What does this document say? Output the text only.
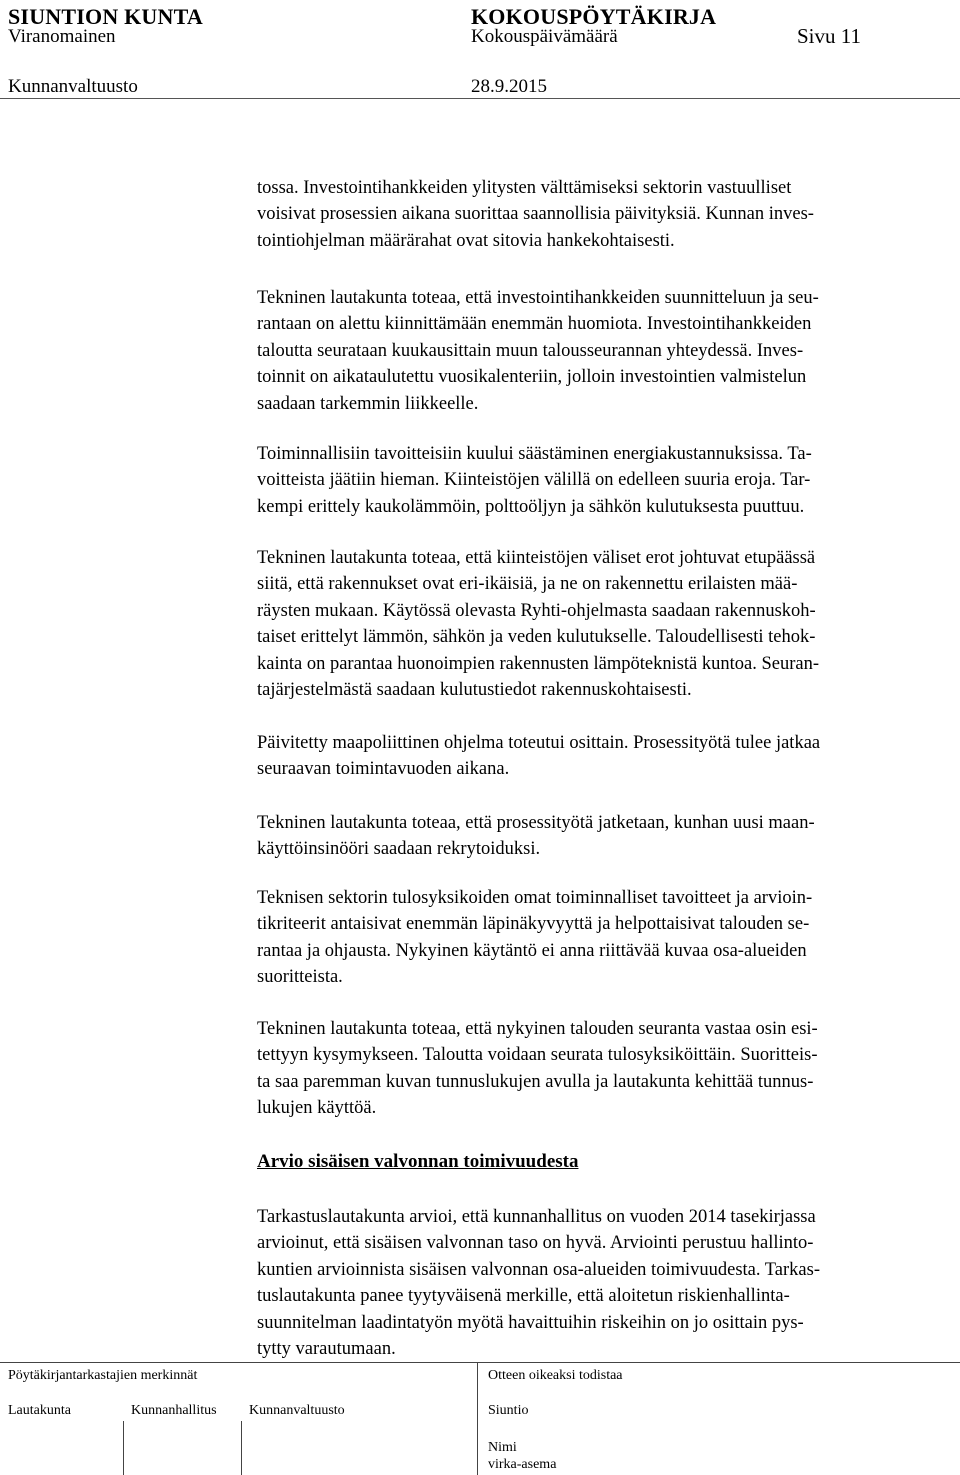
SIUNTION KUNTA	KOKOUSPÖYTÄKIRJA
Viranomainen	Kokouspäivämäärä	Sivu 11
Kunnanvaltuusto	28.9.2015
tossa. Investointihankkeiden ylitysten välttämiseksi sektorin vastuulliset
voisivat prosessien aikana suorittaa saannollisia päivityksiä. Kunnan inves-
tointiohjelman määrärahat ovat sitovia hankekohtaisesti.
Tekninen lautakunta toteaa, että investointihankkeiden suunnitteluun ja seu-
rantaan on alettu kiinnittämään enemmän huomiota. Investointihankkeiden
taloutta seurataan kuukausittain muun talousseurannan yhteydessä. Inves-
toinnit on aikataulutettu vuosikalenteriin, jolloin investointien valmistelun
saadaan tarkemmin liikkeelle.
Toiminnallisiin tavoitteisiin kuului säästäminen energiakustannuksissa. Ta-
voitteista jäätiin hieman. Kiinteistöjen välillä on edelleen suuria eroja. Tar-
kempi erittely kaukolämmöin, polttoöljyn ja sähkön kulutuksesta puuttuu.
Tekninen lautakunta toteaa, että kiinteistöjen väliset erot johtuvat etupäässä
siitä, että rakennukset ovat eri-ikäisiä, ja ne on rakennettu erilaisten mää-
räysten mukaan. Käytössä olevasta Ryhti-ohjelmasta saadaan rakennuskoh-
taiset erittelyt lämmön, sähkön ja veden kulutukselle. Taloudellisesti tehok-
kainta on parantaa huonoimpien rakennusten lämpöteknistä kuntoa. Seuran-
tajärjestelmästä saadaan kulutustiedot rakennuskohtaisesti.
Päivitetty maapoliittinen ohjelma toteutui osittain. Prosessityötä tulee jatkaa
seuraavan toimintavuoden aikana.
Tekninen lautakunta toteaa, että prosessityötä jatketaan, kunhan uusi maan-
käyttöinsinööri saadaan rekrytoiduksi.
Teknisen sektorin tulosyksikoiden omat toiminnalliset tavoitteet ja arvioin-
tikriteerit antaisivat enemmän läpinäkyvyyttä ja helpottaisivat talouden se-
rantaa ja ohjausta. Nykyinen käytäntö ei anna riittävää kuvaa osa-alueiden
suoritteista.
Tekninen lautakunta toteaa, että nykyinen talouden seuranta vastaa osin esi-
tettyyn kysymykseen. Taloutta voidaan seurata tulosyksiköittäin. Suoritteis-
ta saa paremman kuvan tunnuslukujen avulla ja lautakunta kehittää tunnus-
lukujen käyttöä.
Arvio sisäisen valvonnan toimivuudesta
Tarkastuslautakunta arvioi, että kunnanhallitus on vuoden 2014 tasekirjassa
arvioinut, että sisäisen valvonnan taso on hyvä. Arviointi perustuu hallinto-
kuntien arvioinnista sisäisen valvonnan osa-alueiden toimivuudesta. Tarkas-
tuslautakunta panee tyytyväisenä merkille, että aloitetun riskienhallinta-
suunnitelman laadintatyön myötä havaittuihin riskeihin on jo osittain pys-
tytty varautumaan.
Pöytäkirjantarkastajien merkinnät
Lautakunta	Kunnanhallitus Kunnanvaltuusto
Otteen oikeaksi todistaa
Siuntio
Nimi
virka-asema
